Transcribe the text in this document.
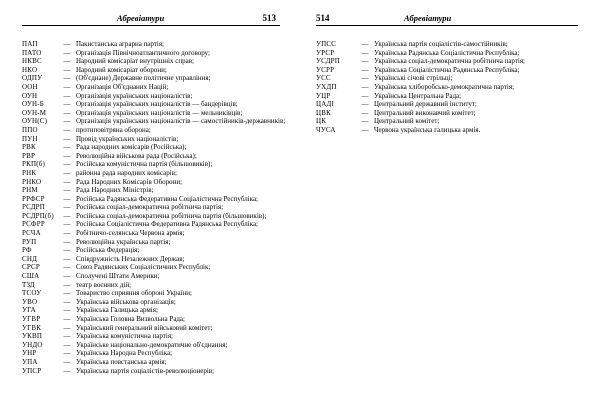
Абревіатури	513
ПАП	— Пакистанська аграрна партія;
ПАТО	— Організація Північноатлантичного договору;
НКВС	— Народний комісаріат внутрішніх справ;
НКО	— Народний комісаріат оборони;
ОДПУ	— (Об'єднане) Державне політичне управління;
ООН	— Організація Об'єднаних Націй;
ОУН	— Організація українських націоналістів;
ОУН-Б	— Організація українських націоналістів — бандерівців;
ОУН-М	— Організація українських націоналістів — мельниківців;
ОУН(С)	— Організація українських націоналістів — самостійників-державників;
ППО	— протиповітряна оборона;
ПУН	— Провід українських націоналістів;
РВК	— Рада народних комісарів (Російська);
РВР	— Революційна військова рада (Російська);
РКП(б)	— Російська комуністична партія (більшовиків);
РНК	— районна рада народних комісарів;
РНКО	— Рада Народних Комісарів Оборони;
РНМ	— Рада Народних Міністрів;
РРФСР	— Російська Радянська Федеративна Соціалістична Республіка;
РСДРП	— Російська соціал-демократична робітнича партія;
РСДРП(б) — Російська соціал-демократична робітнича партія (більшовиків);
РСФРР	— Російська Соціалістична Федеративна Радянська Республіка;
РСЧА	— Робітничо-селянська Червона армія;
РУП	— Революційна українська партія;
РФ	— Російська Федерація;
СНД	— Співдружність Незалежних Держав;
СРСР	— Союз Радянських Соціалістичних Республік;
США	— Сполучені Штати Америки;
ТЗД	— театр воєнних дій;
ТСОУ	— Товариство сприяння обороні України;
УВО	— Українська військова організація;
УГА	— Українська Галицька армія;
УГВР	— Українська Головна Визвольна Рада;
УГВК	— Український генеральний військовий комітет;
УКВП	— Українська комуністична партія;
УНДО	— Українське національно-демократичне об'єднання;
УНР	— Українська Народна Республіка;
УПА	— Українська повстанська армія;
УПСР	— Українська партія соціалістів-революціонерів;
514	Абревіатури
УПСС	— Українська партія соціалістів-самостійників;
УРСР	— Українська Радянська Соціалістична Республіка;
УСДРП	— Українська соціал-демократична робітнича партія;
УСРР	— Українська Соціалістична Радянська Республіка;
УСС	— Українські січові стрільці;
УХДП	— Українська хліборобсько-демократична партія;
УЦР	— Українська Центральна Рада;
ЦАДІ	— Центральний державний інститут;
ЦВК	— Центральний виконавчий комітет;
ЦК	— Центральний комітет;
ЧУСА	— Червона українська галицька армія.
